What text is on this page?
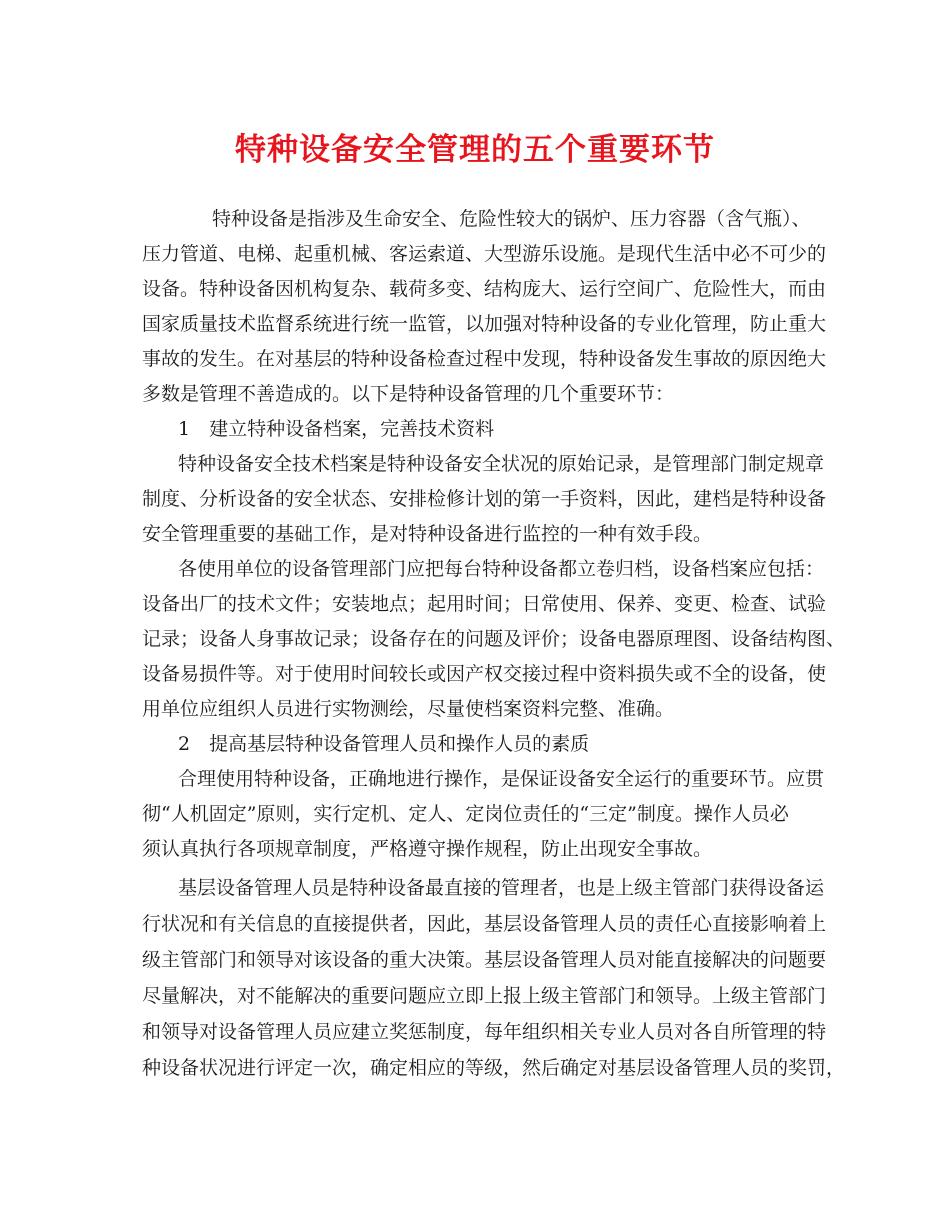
特种设备安全管理的五个重要环节
特种设备是指涉及生命安全、危险性较大的锅炉、压力容器（含气瓶）、
压力管道、电梯、起重机械、客运索道、大型游乐设施。是现代生活中必不可少的
设备。特种设备因机构复杂、载荷多变、结构庞大、运行空间广、危险性大，而由
国家质量技术监督系统进行统一监管，以加强对特种设备的专业化管理，防止重大
事故的发生。在对基层的特种设备检查过程中发现，特种设备发生事故的原因绝大
多数是管理不善造成的。以下是特种设备管理的几个重要环节：
1　建立特种设备档案，完善技术资料
特种设备安全技术档案是特种设备安全状况的原始记录，是管理部门制定规章
制度、分析设备的安全状态、安排检修计划的第一手资料，因此，建档是特种设备
安全管理重要的基础工作，是对特种设备进行监控的一种有效手段。
各使用单位的设备管理部门应把每台特种设备都立卷归档，设备档案应包括：
设备出厂的技术文件；安装地点；起用时间；日常使用、保养、变更、检查、试验
记录；设备人身事故记录；设备存在的问题及评价；设备电器原理图、设备结构图、
设备易损件等。对于使用时间较长或因产权交接过程中资料损失或不全的设备，使
用单位应组织人员进行实物测绘，尽量使档案资料完整、准确。
2　提高基层特种设备管理人员和操作人员的素质
合理使用特种设备，正确地进行操作，是保证设备安全运行的重要环节。应贯
彻“人机固定”原则，实行定机、定人、定岗位责任的“三定”制度。操作人员必
须认真执行各项规章制度，严格遵守操作规程，防止出现安全事故。
基层设备管理人员是特种设备最直接的管理者，也是上级主管部门获得设备运
行状况和有关信息的直接提供者，因此，基层设备管理人员的责任心直接影响着上
级主管部门和领导对该设备的重大决策。基层设备管理人员对能直接解决的问题要
尽量解决，对不能解决的重要问题应立即上报上级主管部门和领导。上级主管部门
和领导对设备管理人员应建立奖惩制度，每年组织相关专业人员对各自所管理的特
种设备状况进行评定一次，确定相应的等级，然后确定对基层设备管理人员的奖罚，
